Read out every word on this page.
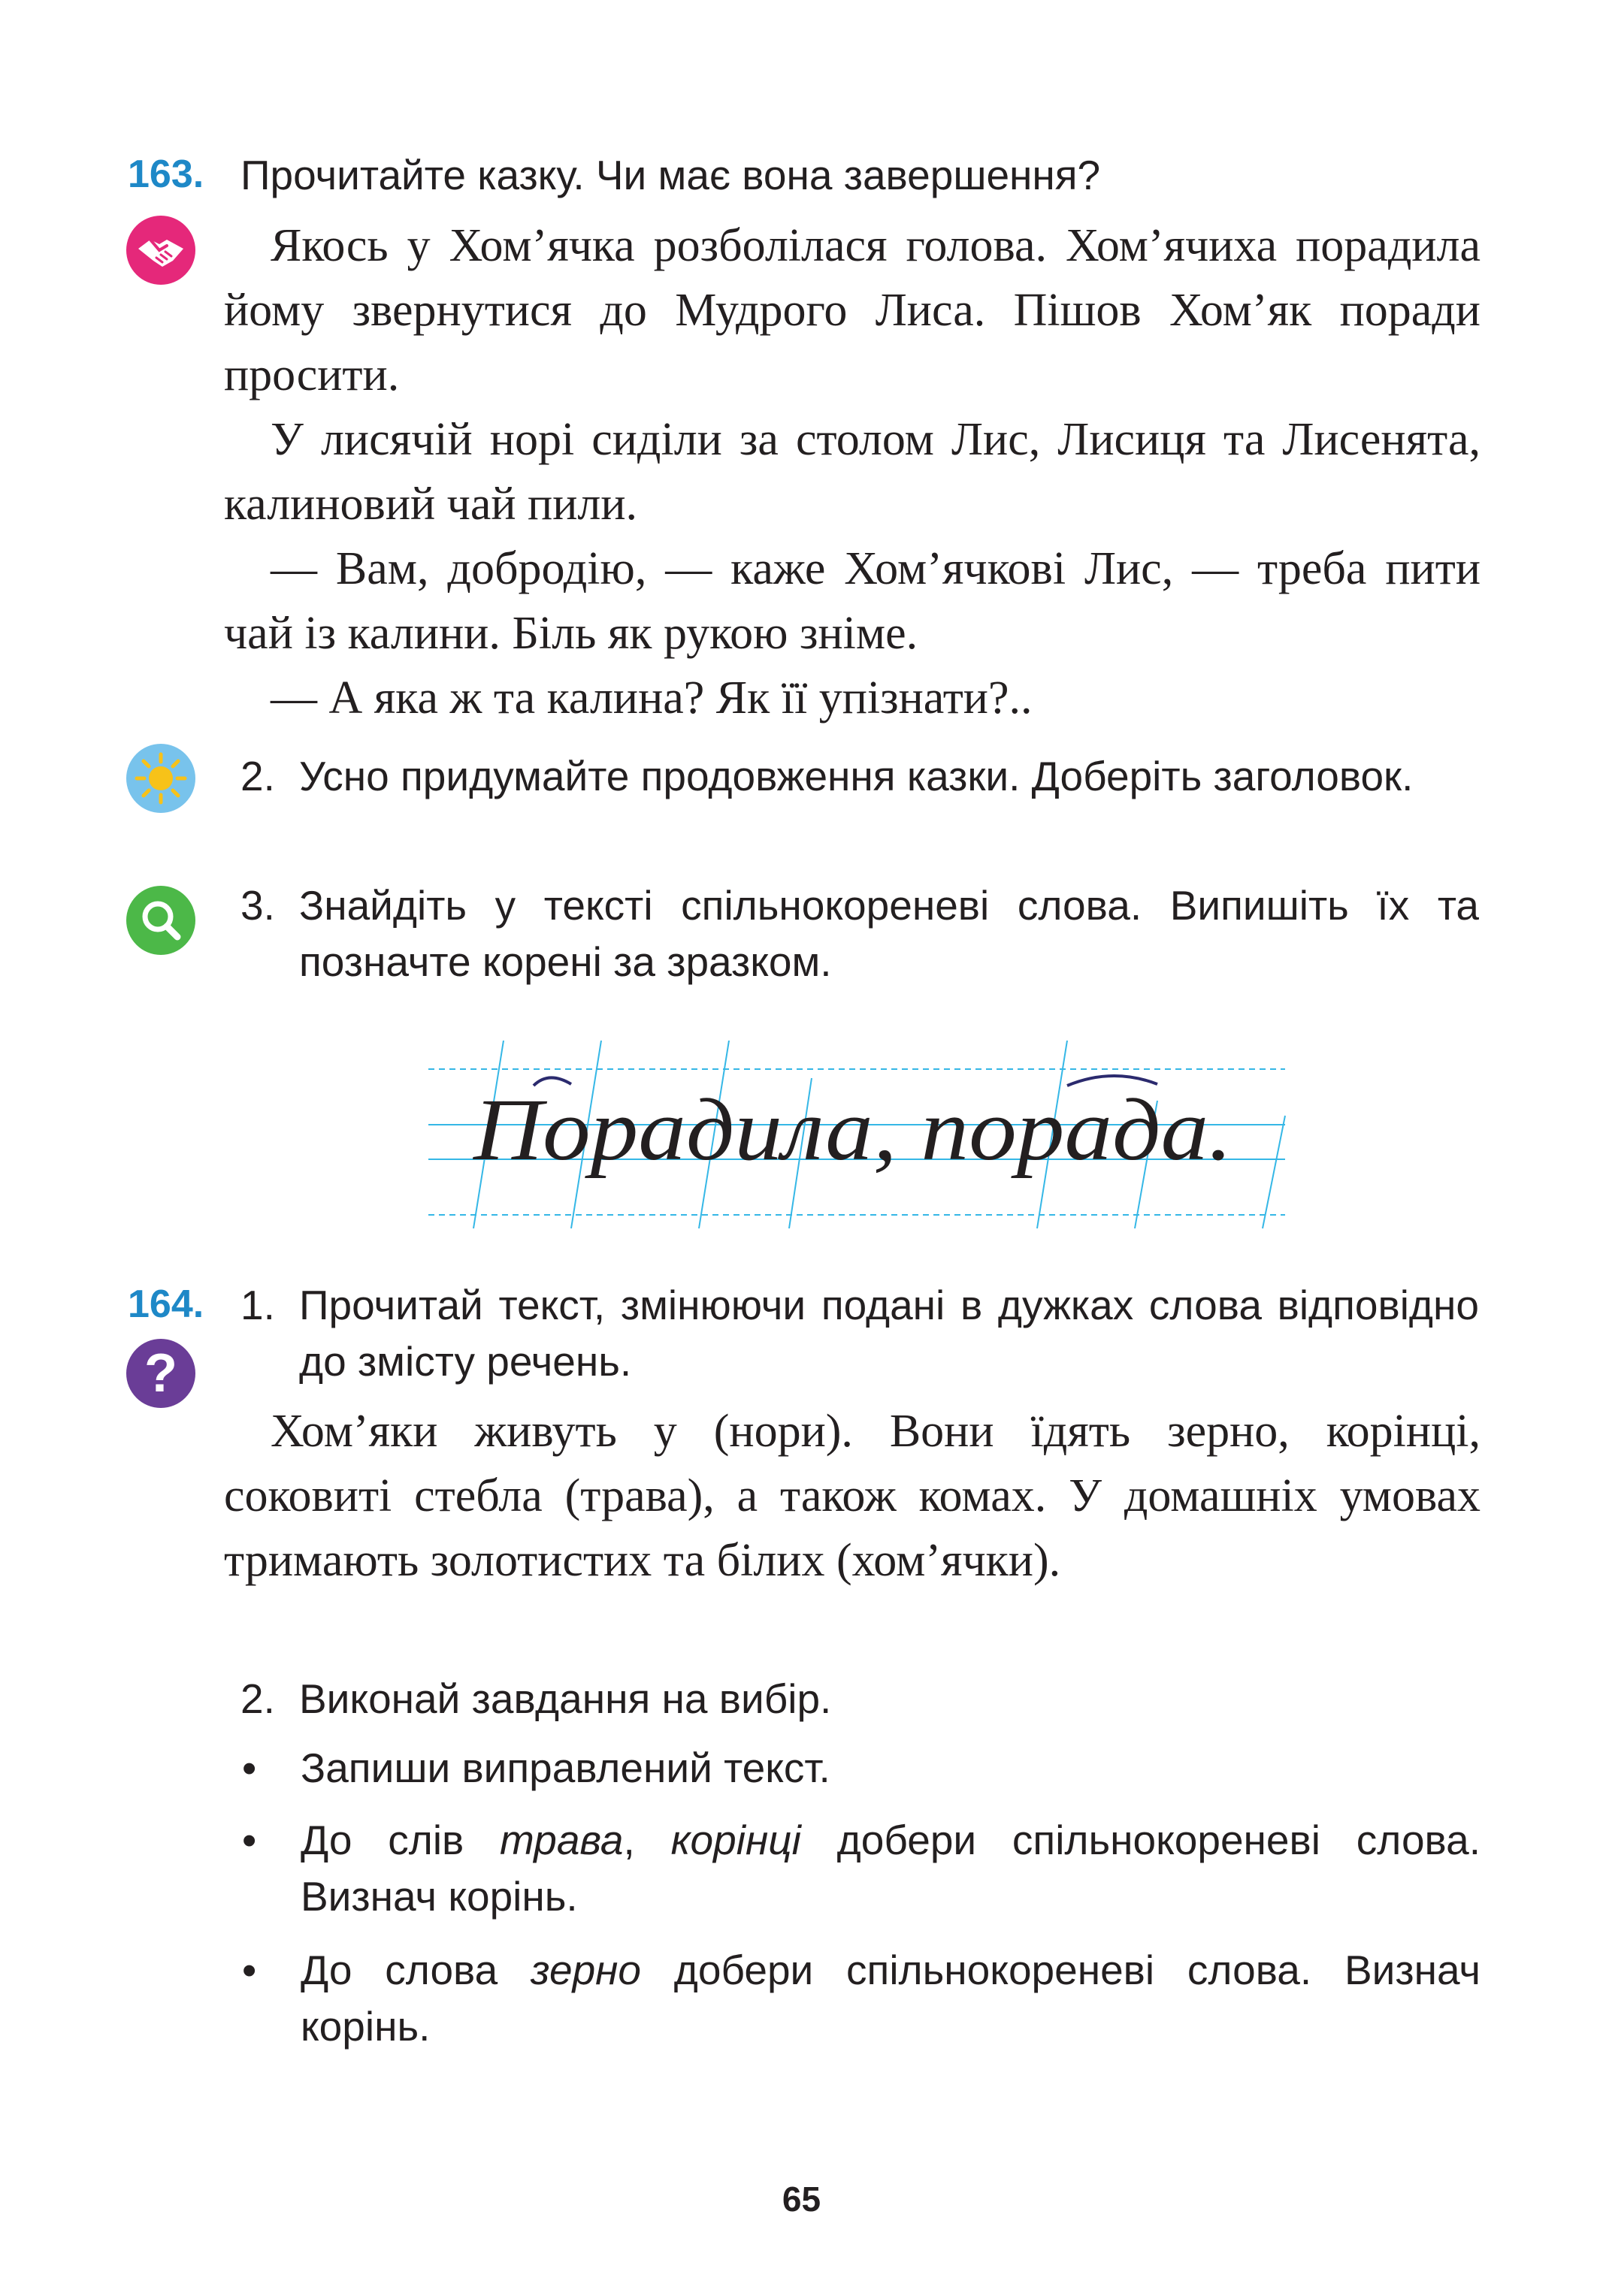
163. Прочитайте казку. Чи має вона завершення?

Якось у Хом’ячка розболілася голова. Хом’ячиха порадила йому звернутися до Мудрого Лиса. Пішов Хом’як поради просити.

У лисячій норі сиділи за столом Лис, Лисиця та Лисенята, калиновий чай пили.

— Вам, добродію, — каже Хом’ячкові Лис, — треба пити чай із калини. Біль як рукою зніме.

— А яка ж та калина? Як її упізнати?..

2. Усно придумайте продовження казки. Доберіть заголовок.
3. Знайдіть у тексті спільнокореневі слова. Випишіть їх та позначте корені за зразком.
Порадила, порада.
164.
?
1. Прочитай текст, змінюючи подані в дужках слова відповідно до змісту речень.

Хом’яки живуть у (нори). Вони їдять зерно, корінці, соковиті стебла (трава), а також комах. У домашніх умовах тримають золотистих та білих (хом’ячки).

2. Виконай завдання на вибір.
• Запиши виправлений текст.
• До слів трава, корінці добери спільнокореневі слова. Визнач корінь.
• До слова зерно добери спільнокореневі слова. Визнач корінь.
65
